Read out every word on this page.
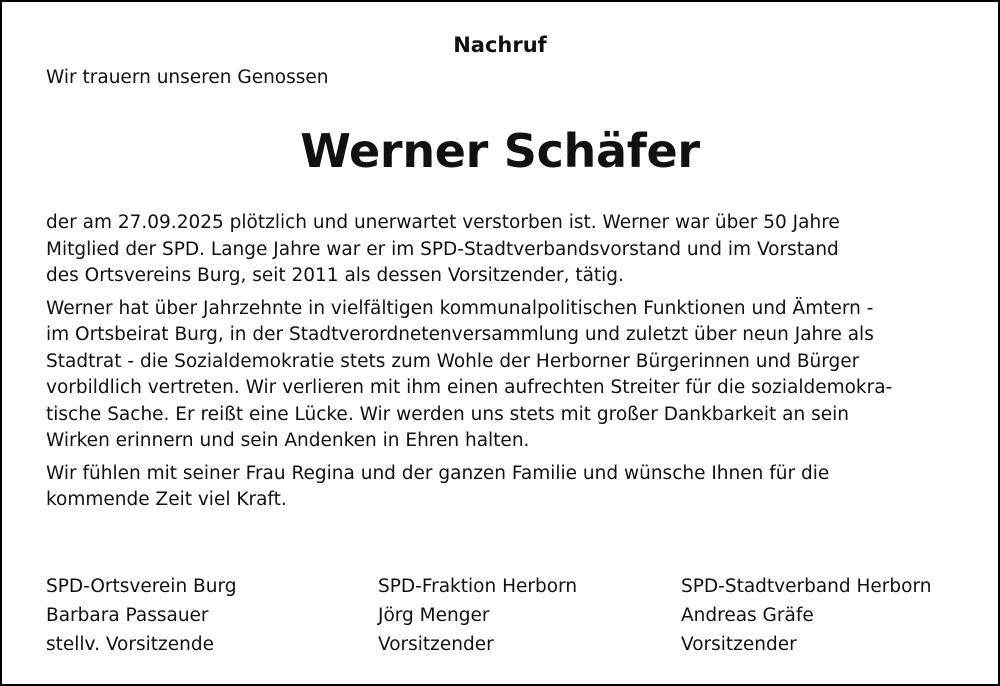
Nachruf
Wir trauern unseren Genossen
Werner Schäfer

der am 27.09.2025 plötzlich und unerwartet verstorben ist. Werner war über 50 Jahre
Mitglied der SPD. Lange Jahre war er im SPD-Stadtverbandsvorstand und im Vorstand
des Ortsvereins Burg, seit 2011 als dessen Vorsitzender, tätig.

Werner hat über Jahrzehnte in vielfältigen kommunalpolitischen Funktionen und Ämtern -
im Ortsbeirat Burg, in der Stadtverordnetenversammlung und zuletzt über neun Jahre als
Stadtrat - die Sozialdemokratie stets zum Wohle der Herborner Bürgerinnen und Bürger
vorbildlich vertreten. Wir verlieren mit ihm einen aufrechten Streiter für die sozialdemokra-
tische Sache. Er reißt eine Lücke. Wir werden uns stets mit großer Dankbarkeit an sein
Wirken erinnern und sein Andenken in Ehren halten.

Wir fühlen mit seiner Frau Regina und der ganzen Familie und wünsche Ihnen für die
kommende Zeit viel Kraft.

SPD-Ortsverein Burg
Barbara Passauer
stellv. Vorsitzende
SPD-Fraktion Herborn
Jörg Menger
Vorsitzender
SPD-Stadtverband Herborn
Andreas Gräfe
Vorsitzender
